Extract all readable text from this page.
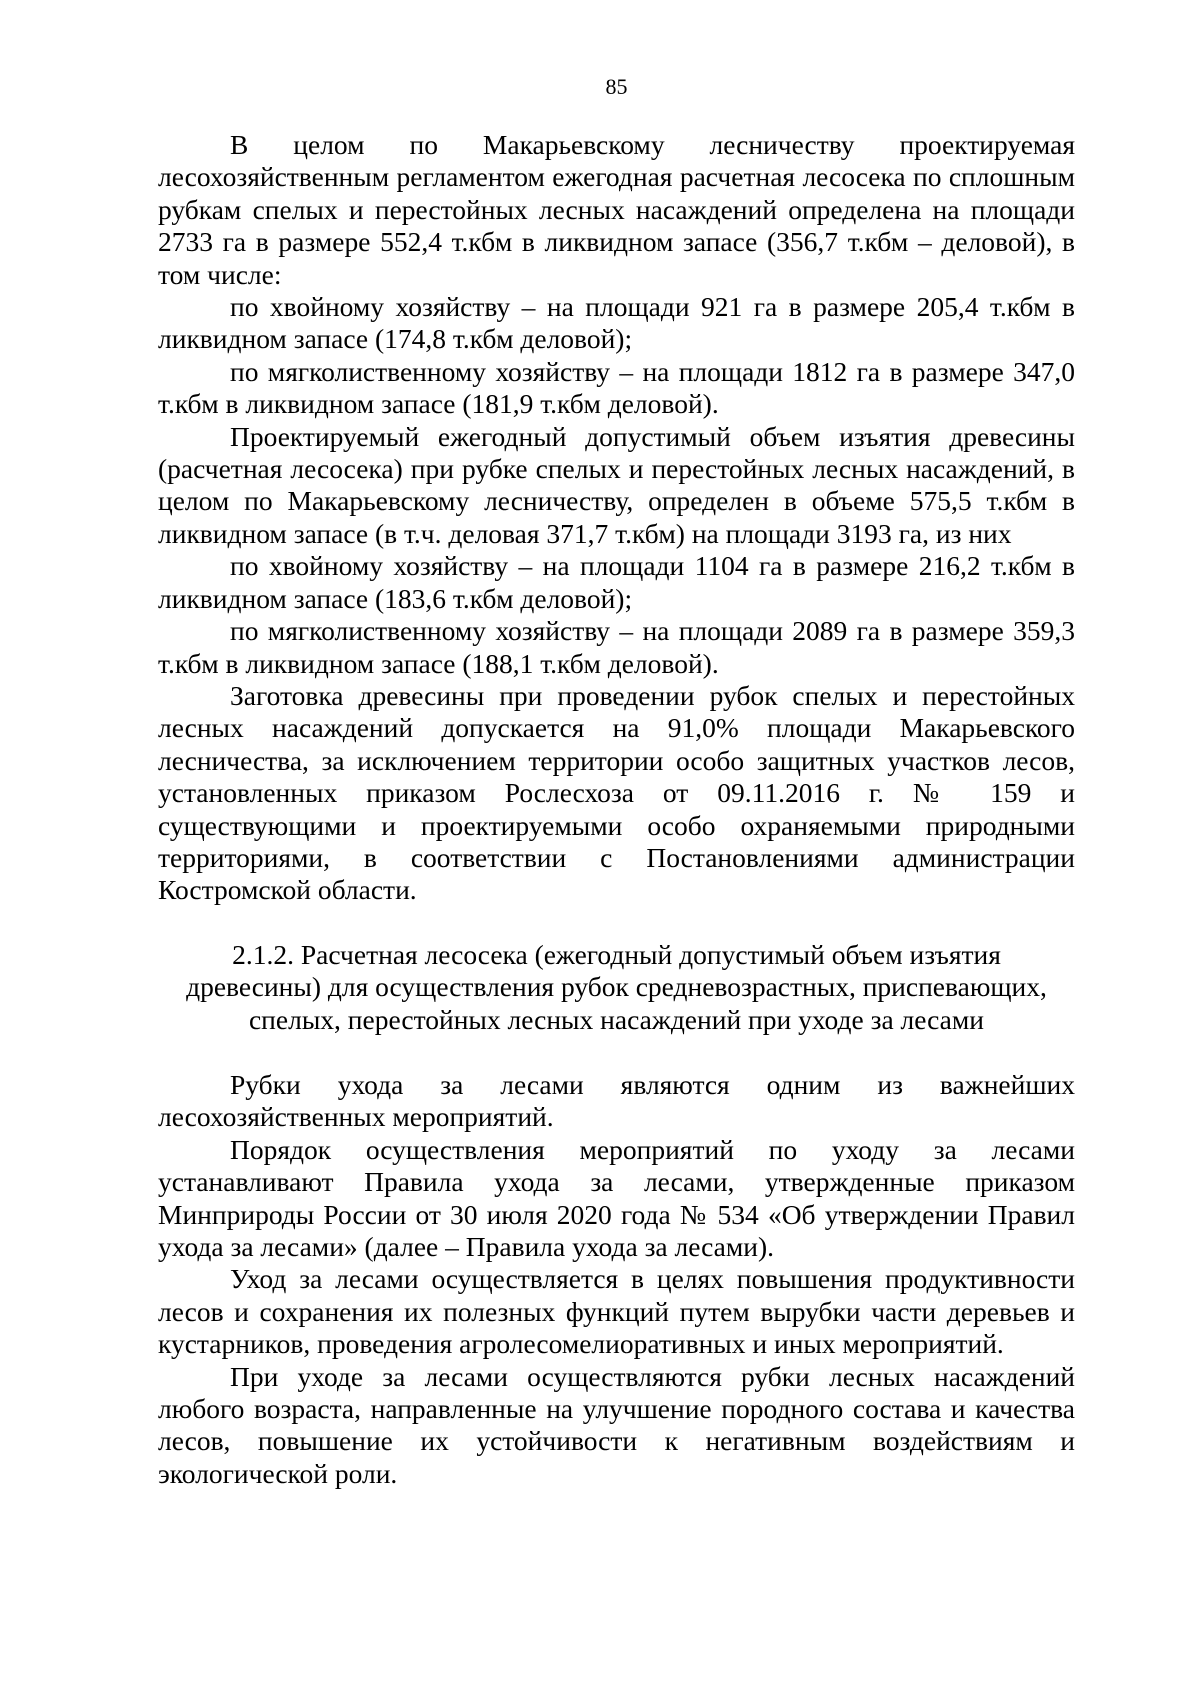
85

В целом по Макарьевскому лесничеству проектируемая лесохозяйственным регламентом ежегодная расчетная лесосека по сплошным рубкам спелых и перестойных лесных насаждений определена на площади 2733 га в размере 552,4 т.кбм в ликвидном запасе (356,7 т.кбм – деловой), в том числе:

по хвойному хозяйству – на площади 921 га в размере 205,4 т.кбм в ликвидном запасе (174,8 т.кбм деловой);

по мягколиственному хозяйству – на площади 1812 га в размере 347,0 т.кбм в ликвидном запасе (181,9 т.кбм деловой).

Проектируемый ежегодный допустимый объем изъятия древесины (расчетная лесосека) при рубке спелых и перестойных лесных насаждений, в целом по Макарьевскому лесничеству, определен в объеме 575,5 т.кбм в ликвидном запасе (в т.ч. деловая 371,7 т.кбм) на площади 3193 га, из них

по хвойному хозяйству – на площади 1104 га в размере 216,2 т.кбм в ликвидном запасе (183,6 т.кбм деловой);

по мягколиственному хозяйству – на площади 2089 га в размере 359,3 т.кбм в ликвидном запасе (188,1 т.кбм деловой).

Заготовка древесины при проведении рубок спелых и перестойных лесных насаждений допускается на 91,0% площади Макарьевского лесничества, за исключением территории особо защитных участков лесов, установленных приказом Рослесхоза от 09.11.2016 г. № 159 и существующими и проектируемыми особо охраняемыми природными территориями, в соответствии с Постановлениями администрации Костромской области.

2.1.2. Расчетная лесосека (ежегодный допустимый объем изъятия древесины) для осуществления рубок средневозрастных, приспевающих, спелых, перестойных лесных насаждений при уходе за лесами

Рубки ухода за лесами являются одним из важнейших лесохозяйственных мероприятий.

Порядок осуществления мероприятий по уходу за лесами устанавливают Правила ухода за лесами, утвержденные приказом Минприроды России от 30 июля 2020 года № 534 «Об утверждении Правил ухода за лесами» (далее – Правила ухода за лесами).

Уход за лесами осуществляется в целях повышения продуктивности лесов и сохранения их полезных функций путем вырубки части деревьев и кустарников, проведения агролесомелиоративных и иных мероприятий.

При уходе за лесами осуществляются рубки лесных насаждений любого возраста, направленные на улучшение породного состава и качества лесов, повышение их устойчивости к негативным воздействиям и экологической роли.
